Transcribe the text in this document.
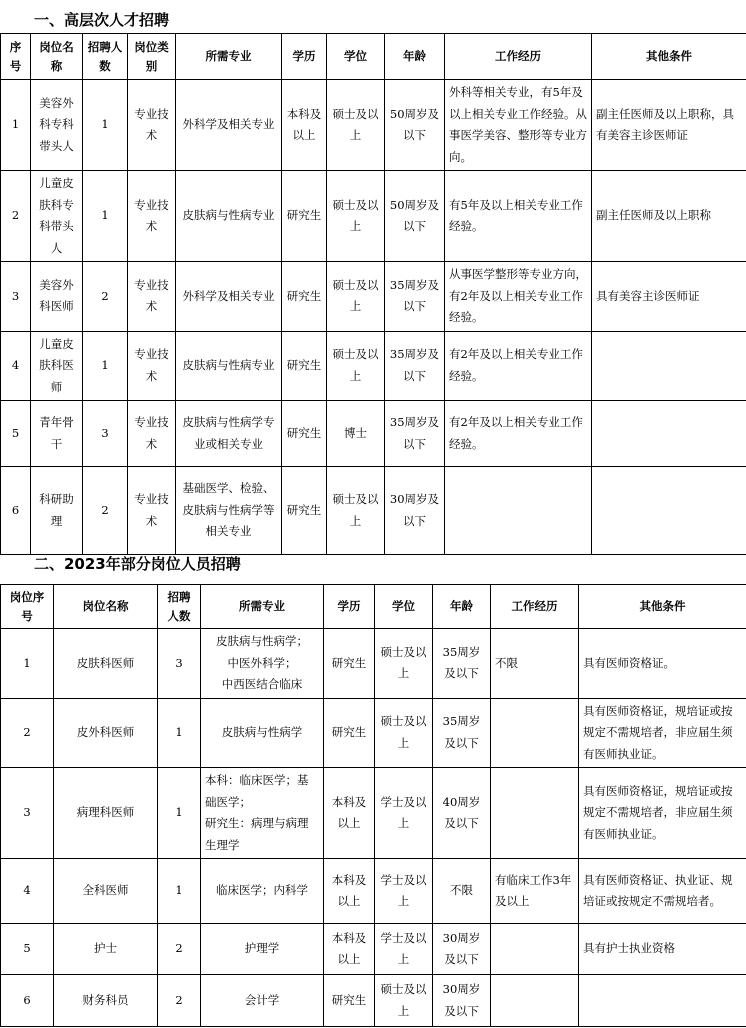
一、高层次人才招聘
序号	岗位名称	招聘人数	岗位类别	所需专业	学历	学位	年龄	工作经历	其他条件
1	美容外科专科带头人	1	专业技术	外科学及相关专业	本科及以上	硕士及以上	50周岁及以下	外科等相关专业，有5年及以上相关专业工作经验。从事医学美容、整形等专业方向。	副主任医师及以上职称，具有美容主诊医师证
2	儿童皮肤科专科带头人	1	专业技术	皮肤病与性病专业	研究生	硕士及以上	50周岁及以下	有5年及以上相关专业工作经验。	副主任医师及以上职称
3	美容外科医师	2	专业技术	外科学及相关专业	研究生	硕士及以上	35周岁及以下	从事医学整形等专业方向，有2年及以上相关专业工作经验。	具有美容主诊医师证
4	儿童皮肤科医师	1	专业技术	皮肤病与性病专业	研究生	硕士及以上	35周岁及以下	有2年及以上相关专业工作经验。	
5	青年骨干	3	专业技术	皮肤病与性病学专业或相关专业	研究生	博士	35周岁及以下	有2年及以上相关专业工作经验。	
6	科研助理	2	专业技术	基础医学、检验、皮肤病与性病学等相关专业	研究生	硕士及以上	30周岁及以下		
二、2023年部分岗位人员招聘
岗位序号	岗位名称	招聘人数	所需专业	学历	学位	年龄	工作经历	其他条件
1	皮肤科医师	3	皮肤病与性病学；
中医外科学；
中西医结合临床	研究生	硕士及以上	35周岁及以下	不限	具有医师资格证。
2	皮外科医师	1	皮肤病与性病学	研究生	硕士及以上	35周岁及以下		具有医师资格证，规培证或按规定不需规培者，非应届生须有医师执业证。
3	病理科医师	1	本科：临床医学；基础医学；
研究生：病理与病理生理学	本科及以上	学士及以上	40周岁及以下		具有医师资格证，规培证或按规定不需规培者，非应届生须有医师执业证。
4	全科医师	1	临床医学；内科学	本科及以上	学士及以上	不限	有临床工作3年及以上	具有医师资格证、执业证、规培证或按规定不需规培者。
5	护士	2	护理学	本科及以上	学士及以上	30周岁及以下		具有护士执业资格
6	财务科员	2	会计学	研究生	硕士及以上	30周岁及以下		
